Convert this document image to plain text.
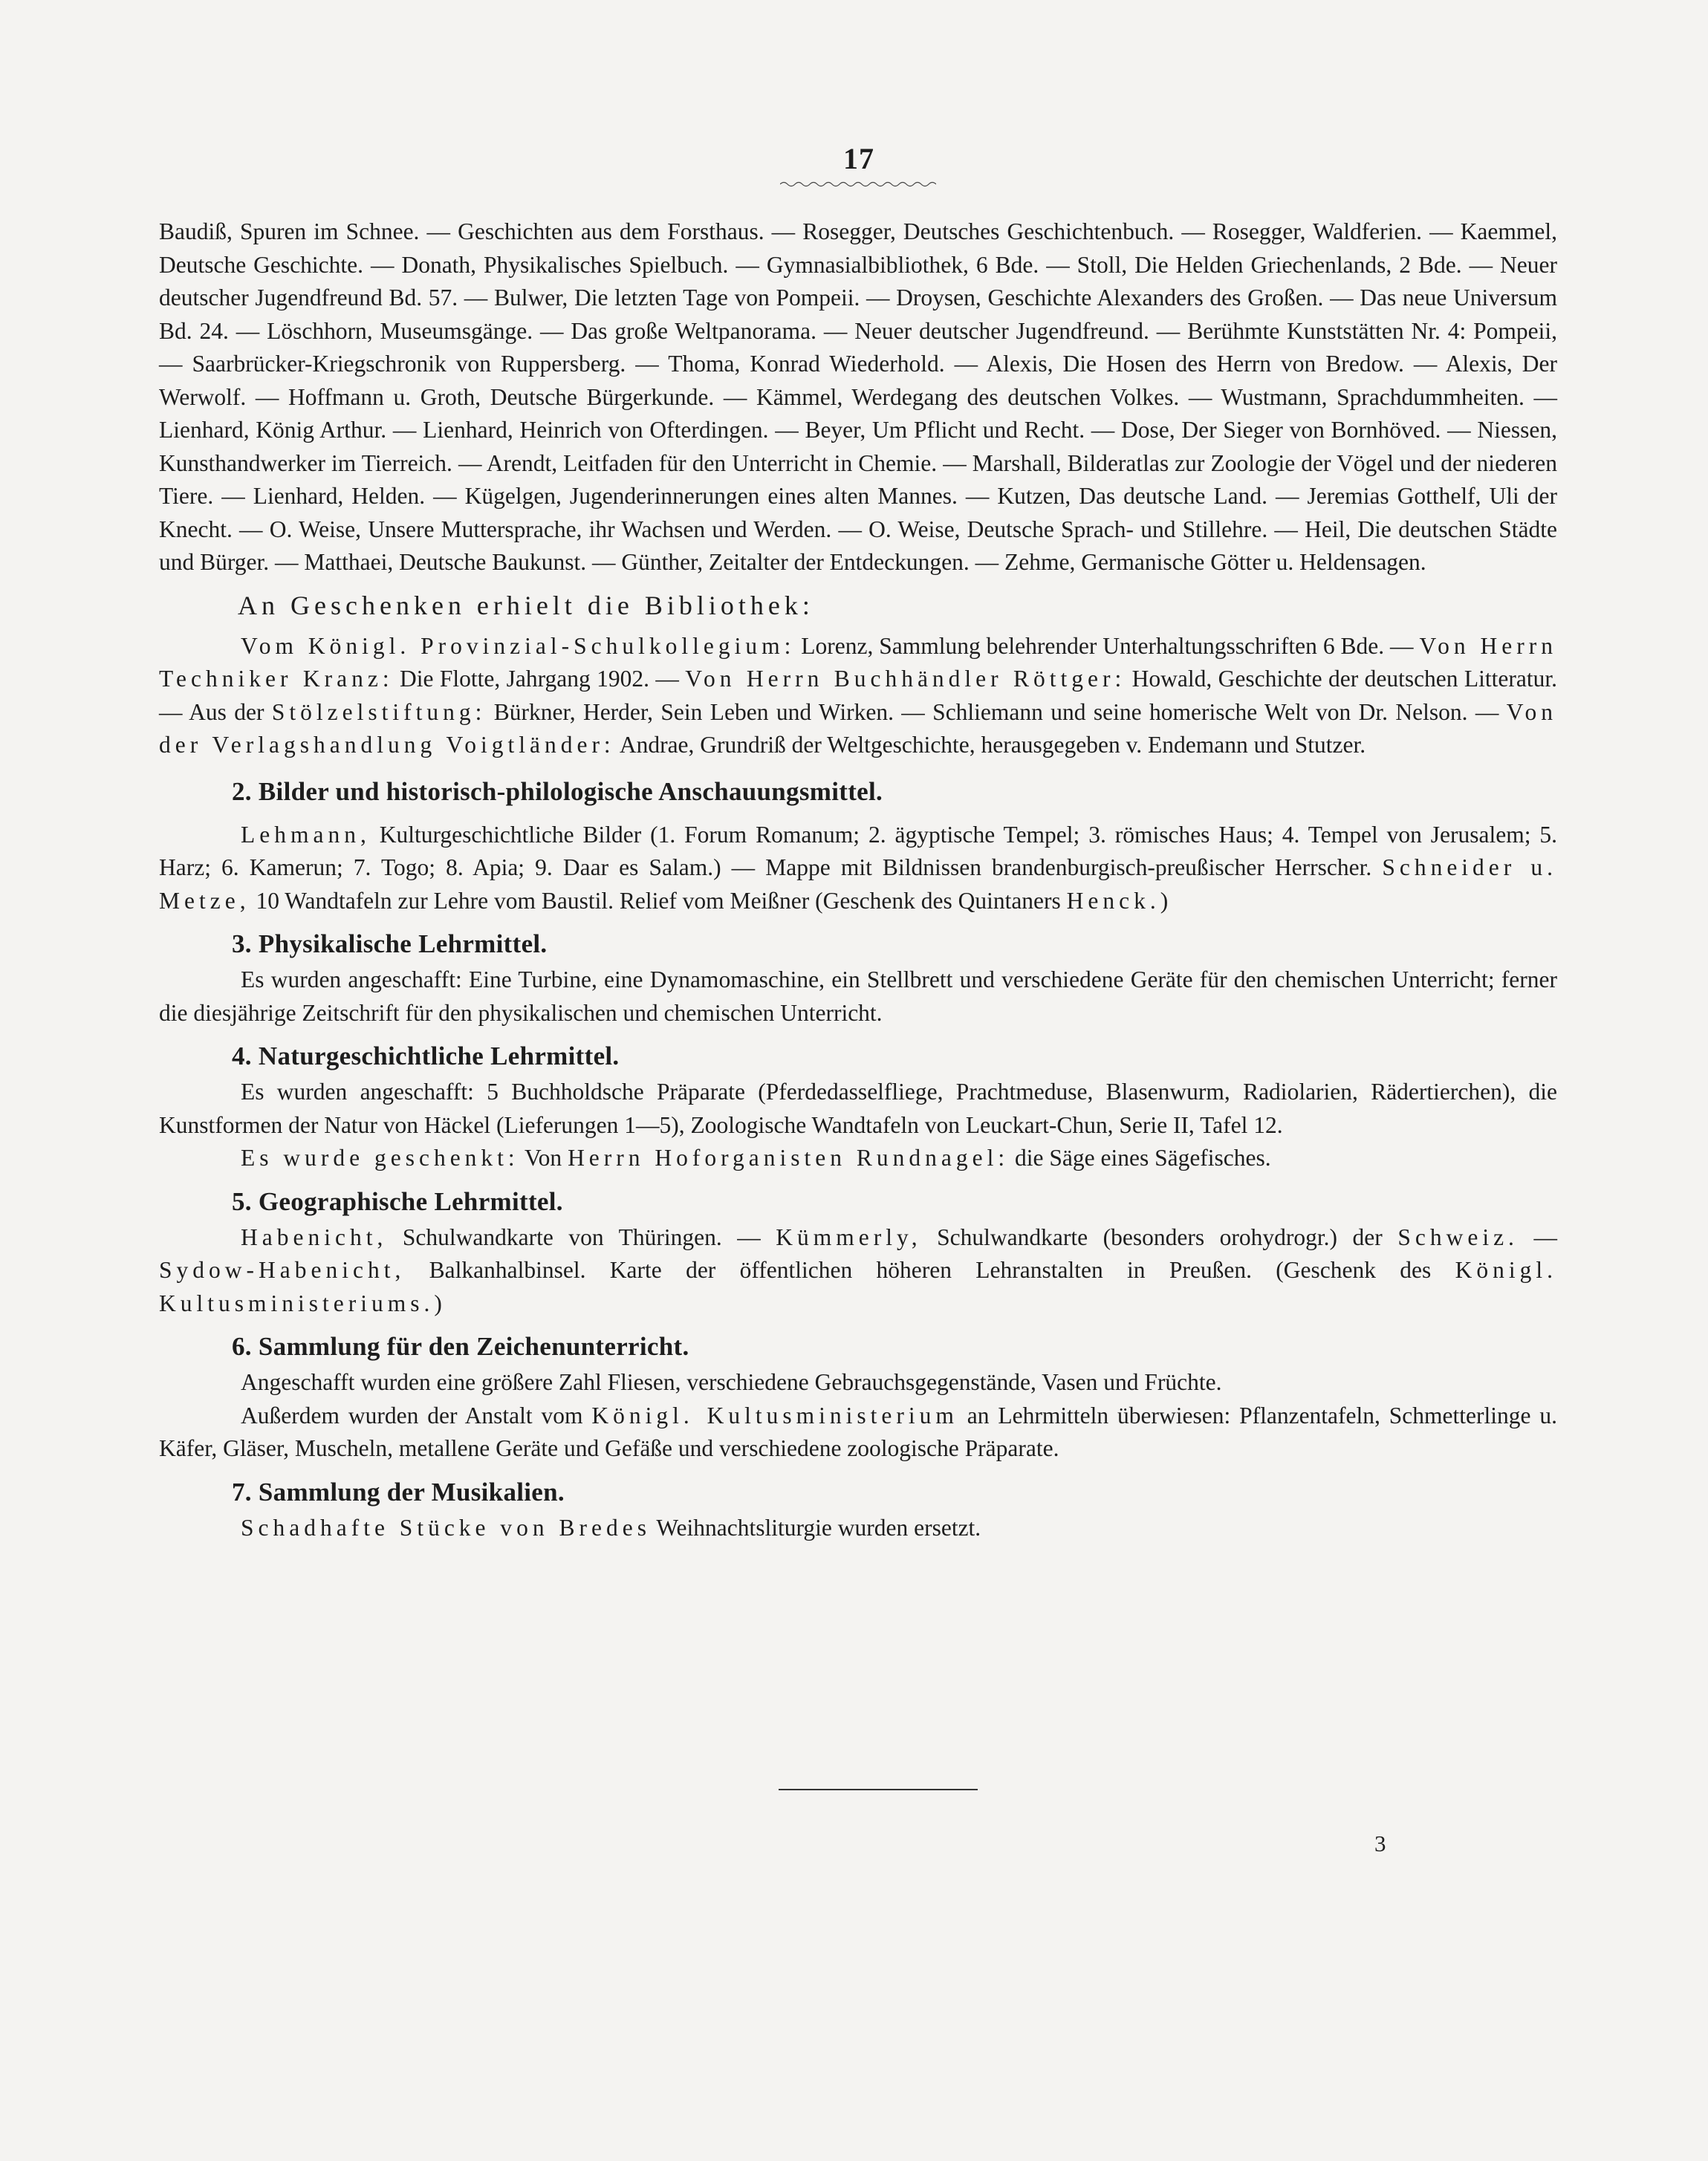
17

Baudiß, Spuren im Schnee. — Geschichten aus dem Forsthaus. — Rosegger, Deutsches Geschichtenbuch. — Rosegger, Waldferien. — Kaemmel, Deutsche Geschichte. — Donath, Physikalisches Spielbuch. — Gymnasialbibliothek, 6 Bde. — Stoll, Die Helden Griechenlands, 2 Bde. — Neuer deutscher Jugendfreund Bd. 57. — Bulwer, Die letzten Tage von Pompeii. — Droysen, Geschichte Alexanders des Großen. — Das neue Universum Bd. 24. — Löschhorn, Museumsgänge. — Das große Weltpanorama. — Neuer deutscher Jugendfreund. — Berühmte Kunststätten Nr. 4: Pompeii, — Saarbrücker-Kriegschronik von Ruppersberg. — Thoma, Konrad Wiederhold. — Alexis, Die Hosen des Herrn von Bredow. — Alexis, Der Werwolf. — Hoffmann u. Groth, Deutsche Bürgerkunde. — Kämmel, Werdegang des deutschen Volkes. — Wustmann, Sprachdummheiten. — Lienhard, König Arthur. — Lienhard, Heinrich von Ofterdingen. — Beyer, Um Pflicht und Recht. — Dose, Der Sieger von Bornhöved. — Niessen, Kunsthandwerker im Tierreich. — Arendt, Leitfaden für den Unterricht in Chemie. — Marshall, Bilderatlas zur Zoologie der Vögel und der niederen Tiere. — Lienhard, Helden. — Kügelgen, Jugenderinnerungen eines alten Mannes. — Kutzen, Das deutsche Land. — Jeremias Gotthelf, Uli der Knecht. — O. Weise, Unsere Muttersprache, ihr Wachsen und Werden. — O. Weise, Deutsche Sprach- und Stillehre. — Heil, Die deutschen Städte und Bürger. — Matthaei, Deutsche Baukunst. — Günther, Zeitalter der Entdeckungen. — Zehme, Germanische Götter u. Heldensagen.

An Geschenken erhielt die Bibliothek:

Vom Königl. Provinzial-Schulkollegium: Lorenz, Sammlung belehrender Unterhaltungsschriften 6 Bde. — Von Herrn Techniker Kranz: Die Flotte, Jahrgang 1902. — Von Herrn Buchhändler Röttger: Howald, Geschichte der deutschen Litteratur. — Aus der Stölzelstiftung: Bürkner, Herder, Sein Leben und Wirken. — Schliemann und seine homerische Welt von Dr. Nelson. — Von der Verlagshandlung Voigtländer: Andrae, Grundriß der Weltgeschichte, herausgegeben v. Endemann und Stutzer.

2. Bilder und historisch-philologische Anschauungsmittel.

Lehmann, Kulturgeschichtliche Bilder (1. Forum Romanum; 2. ägyptische Tempel; 3. römisches Haus; 4. Tempel von Jerusalem; 5. Harz; 6. Kamerun; 7. Togo; 8. Apia; 9. Daar es Salam.) — Mappe mit Bildnissen brandenburgisch-preußischer Herrscher. Schneider u. Metze, 10 Wandtafeln zur Lehre vom Baustil. Relief vom Meißner (Geschenk des Quintaners Henck.)

3. Physikalische Lehrmittel.

Es wurden angeschafft: Eine Turbine, eine Dynamomaschine, ein Stellbrett und verschiedene Geräte für den chemischen Unterricht; ferner die diesjährige Zeitschrift für den physikalischen und chemischen Unterricht.

4. Naturgeschichtliche Lehrmittel.

Es wurden angeschafft: 5 Buchholdsche Präparate (Pferdedasselfliege, Prachtmeduse, Blasenwurm, Radiolarien, Rädertierchen), die Kunstformen der Natur von Häckel (Lieferungen 1—5), Zoologische Wandtafeln von Leuckart-Chun, Serie II, Tafel 12.

Es wurde geschenkt: Von Herrn Hoforganisten Rundnagel: die Säge eines Sägefisches.

5. Geographische Lehrmittel.

Habenicht, Schulwandkarte von Thüringen. — Kümmerly, Schulwandkarte (besonders orohydrogr.) der Schweiz. — Sydow-Habenicht, Balkanhalbinsel. Karte der öffentlichen höheren Lehranstalten in Preußen. (Geschenk des Königl. Kultusministeriums.)

6. Sammlung für den Zeichenunterricht.

Angeschafft wurden eine größere Zahl Fliesen, verschiedene Gebrauchsgegenstände, Vasen und Früchte.

Außerdem wurden der Anstalt vom Königl. Kultusministerium an Lehrmitteln überwiesen: Pflanzentafeln, Schmetterlinge u. Käfer, Gläser, Muscheln, metallene Geräte und Gefäße und verschiedene zoologische Präparate.

7. Sammlung der Musikalien.

Schadhafte Stücke von Bredes Weihnachtsliturgie wurden ersetzt.

3
